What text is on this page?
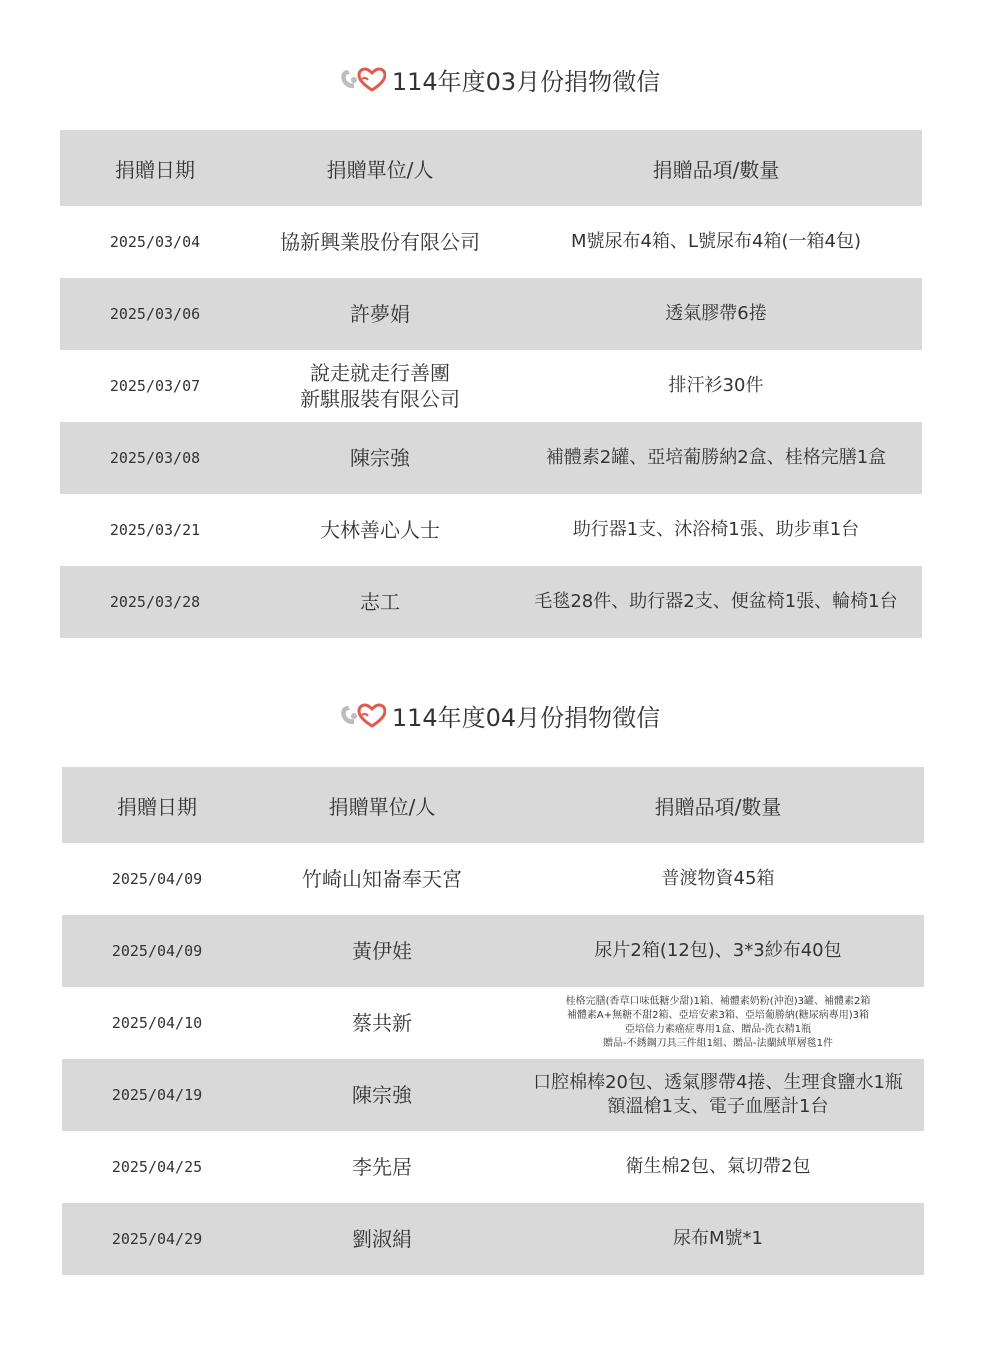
114年度03月份捐物徵信
捐贈日期	捐贈單位/人	捐贈品項/數量
2025/03/04	協新興業股份有限公司	M號尿布4箱、L號尿布4箱(一箱4包)

2025/03/06	許夢娟	透氣膠帶6捲

2025/03/07	說走就走行善團
新騏服裝有限公司	排汗衫30件

2025/03/08	陳宗強	補體素2罐、亞培葡勝納2盒、桂格完膳1盒

2025/03/21	大林善心人士	助行器1支、沐浴椅1張、助步車1台

2025/03/28	志工	毛毯28件、助行器2支、便盆椅1張、輪椅1台
114年度04月份捐物徵信
捐贈日期	捐贈單位/人	捐贈品項/數量
2025/04/09	竹崎山知崙奉天宮	普渡物資45箱

2025/04/09	黃伊娃	尿片2箱(12包)、3*3紗布40包

2025/04/10	蔡共新	桂格完膳(香草口味低糖少甜)1箱、補體素奶粉(沖泡)3罐、補體素2箱
補體素A+無糖不甜2箱、亞培安素3箱、亞培葡勝納(糖尿病專用)3箱
亞培倍力素癌症專用1盒、贈品-洗衣精1瓶
贈品-不銹鋼刀具三件組1組、贈品-法蘭絨單層毯1件

2025/04/19	陳宗強	口腔棉棒20包、透氣膠帶4捲、生理食鹽水1瓶
額溫槍1支、電子血壓計1台

2025/04/25	李先居	衛生棉2包、氣切帶2包

2025/04/29	劉淑絹	尿布M號*1
